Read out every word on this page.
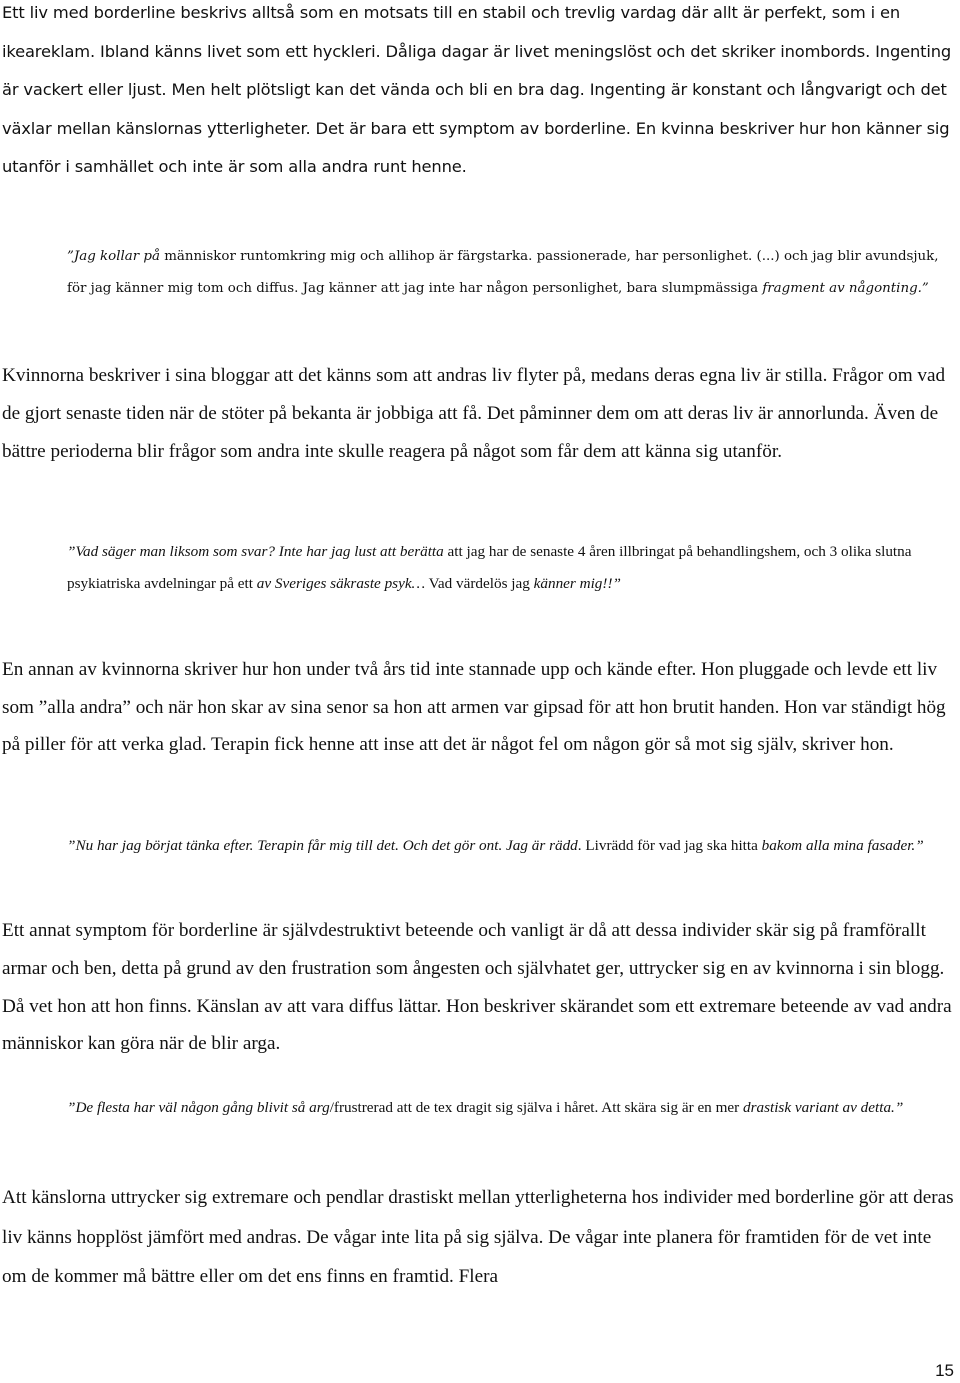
Ett liv med borderline beskrivs alltså som en motsats till en stabil och trevlig vardag där allt är perfekt, som i en ikeareklam. Ibland känns livet som ett hyckleri. Dåliga dagar är livet meningslöst och det skriker inombords. Ingenting är vackert eller ljust. Men helt plötsligt kan det vända och bli en bra dag. Ingenting är konstant och långvarigt och det växlar mellan känslornas ytterligheter. Det är bara ett symptom av borderline. En kvinna beskriver hur hon känner sig utanför i samhället och inte är som alla andra runt henne.

”Jag kollar på människor runtomkring mig och allihop är färgstarka. passionerade, har personlighet. (...) och jag blir avundsjuk, för jag känner mig tom och diffus. Jag känner att jag inte har någon personlighet, bara slumpmässiga fragment av någonting.”

Kvinnorna beskriver i sina bloggar att det känns som att andras liv flyter på, medans deras egna liv är stilla. Frågor om vad de gjort senaste tiden när de stöter på bekanta är jobbiga att få. Det påminner dem om att deras liv är annorlunda. Även de bättre perioderna blir frågor som andra inte skulle reagera på något som får dem att känna sig utanför.

”Vad säger man liksom som svar? Inte har jag lust att berätta att jag har de senaste 4 åren illbringat på behandlingshem, och 3 olika slutna psykiatriska avdelningar på ett av Sveriges säkraste psyk… Vad värdelös jag känner mig!!”

En annan av kvinnorna skriver hur hon under två års tid inte stannade upp och kände efter. Hon pluggade och levde ett liv som ”alla andra” och när hon skar av sina senor sa hon att armen var gipsad för att hon brutit handen. Hon var ständigt hög på piller för att verka glad. Terapin fick henne att inse att det är något fel om någon gör så mot sig själv, skriver hon.

”Nu har jag börjat tänka efter. Terapin får mig till det. Och det gör ont. Jag är rädd. Livrädd för vad jag ska hitta bakom alla mina fasader.”

Ett annat symptom för borderline är självdestruktivt beteende och vanligt är då att dessa individer skär sig på framförallt armar och ben, detta på grund av den frustration som ångesten och självhatet ger, uttrycker sig en av kvinnorna i sin blogg. Då vet hon att hon finns. Känslan av att vara diffus lättar. Hon beskriver skärandet som ett extremare beteende av vad andra människor kan göra när de blir arga.

”De flesta har väl någon gång blivit så arg/frustrerad att de tex dragit sig själva i håret. Att skära sig är en mer drastisk variant av detta.”

Att känslorna uttrycker sig extremare och pendlar drastiskt mellan ytterligheterna hos individer med borderline gör att deras liv känns hopplöst jämfört med andras. De vågar inte lita på sig själva. De vågar inte planera för framtiden för de vet inte om de kommer må bättre eller om det ens finns en framtid. Flera

15
